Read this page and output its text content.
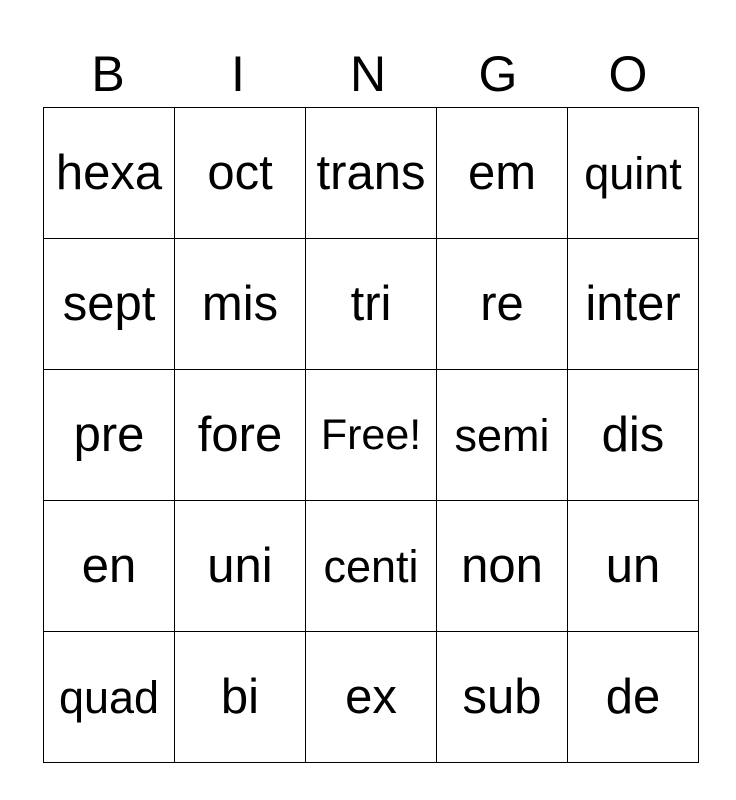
B	I	N	G	O
hexa	oct	trans	em	quint
sept	mis	tri	re	inter
pre	fore	Free!	semi	dis
en	uni	centi	non	un
quad	bi	ex	sub	de
